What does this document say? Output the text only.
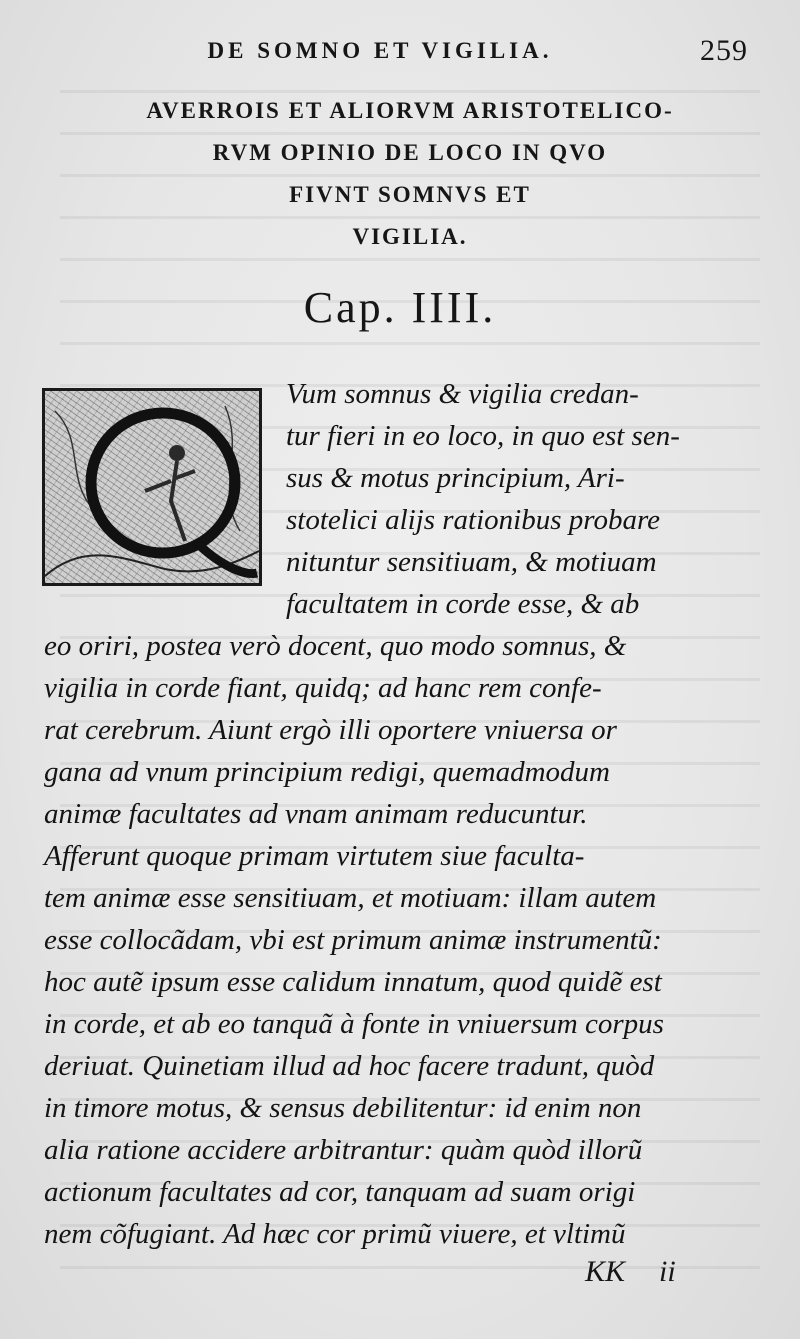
DE SOMNO ET VIGILIA.	259
AVERROIS ET ALIORVM ARISTOTELICO-
RVM OPINIO DE LOCO IN QVO
FIVNT SOMNVS ET
VIGILIA.
Cap. IIII.
Vum somnus & vigilia credan-
tur fieri in eo loco, in quo est sen-
sus & motus principium, Ari-
stotelici alijs rationibus probare
nituntur sensitiuam, & motiuam
facultatem in corde esse, & ab
eo oriri, postea verò docent, quo modo somnus, &
vigilia in corde fiant, quidq; ad hanc rem confe-
rat cerebrum. Aiunt ergò illi oportere vniuersa or
gana ad vnum principium redigi, quemadmodum
animæ facultates ad vnam animam reducuntur.
Afferunt quoque primam virtutem siue faculta-
tem animæ esse sensitiuam, et motiuam: illam autem
esse collocãdam, vbi est primum animæ instrumentũ:
hoc autẽ ipsum esse calidum innatum, quod quidẽ est
in corde, et ab eo tanquã à fonte in vniuersum corpus
deriuat. Quinetiam illud ad hoc facere tradunt, quòd
in timore motus, & sensus debilitentur: id enim non
alia ratione accidere arbitrantur: quàm quòd illorũ
actionum facultates ad cor, tanquam ad suam origi
nem cõfugiant. Ad hæc cor primũ viuere, et vltimũ
KK ii
